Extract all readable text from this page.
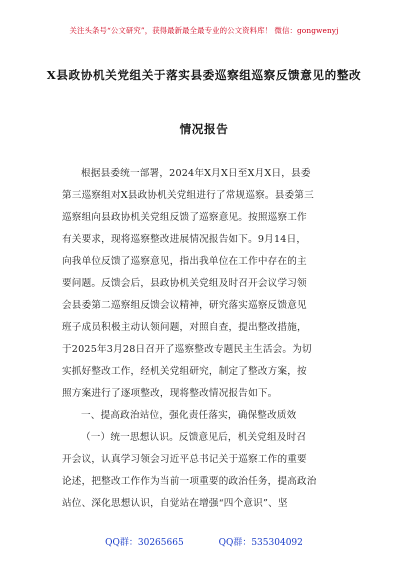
关注头条号“公文研究”，获得最新最全最专业的公文资料库！ 微信：gongwenyj
X县政协机关党组关于落实县委巡察组巡察反馈意见的整改
情况报告
根据县委统一部署，2024年X月X日至X月X日，县委
第三巡察组对X县政协机关党组进行了常规巡察。县委第三
巡察组向县政协机关党组反馈了巡察意见。按照巡察工作
有关要求，现将巡察整改进展情况报告如下。9月14日，
向我单位反馈了巡察意见，指出我单位在工作中存在的主
要问题。反馈会后，县政协机关党组及时召开会议学习领
会县委第二巡察组反馈会议精神，研究落实巡察反馈意见
班子成员积极主动认领问题，对照自查，提出整改措施，
于2025年3月28日召开了巡察整改专题民主生活会。为切
实抓好整改工作，经机关党组研究，制定了整改方案，按
照方案进行了逐项整改，现将整改情况报告如下。
一、提高政治站位，强化责任落实，确保整改质效
（一）统一思想认识。反馈意见后，机关党组及时召
开会议，认真学习领会习近平总书记关于巡察工作的重要
论述，把整改工作作为当前一项重要的政治任务，提高政治
站位、深化思想认识，自觉站在增强“四个意识”、坚
QQ群：30265665	QQ群：535304092
